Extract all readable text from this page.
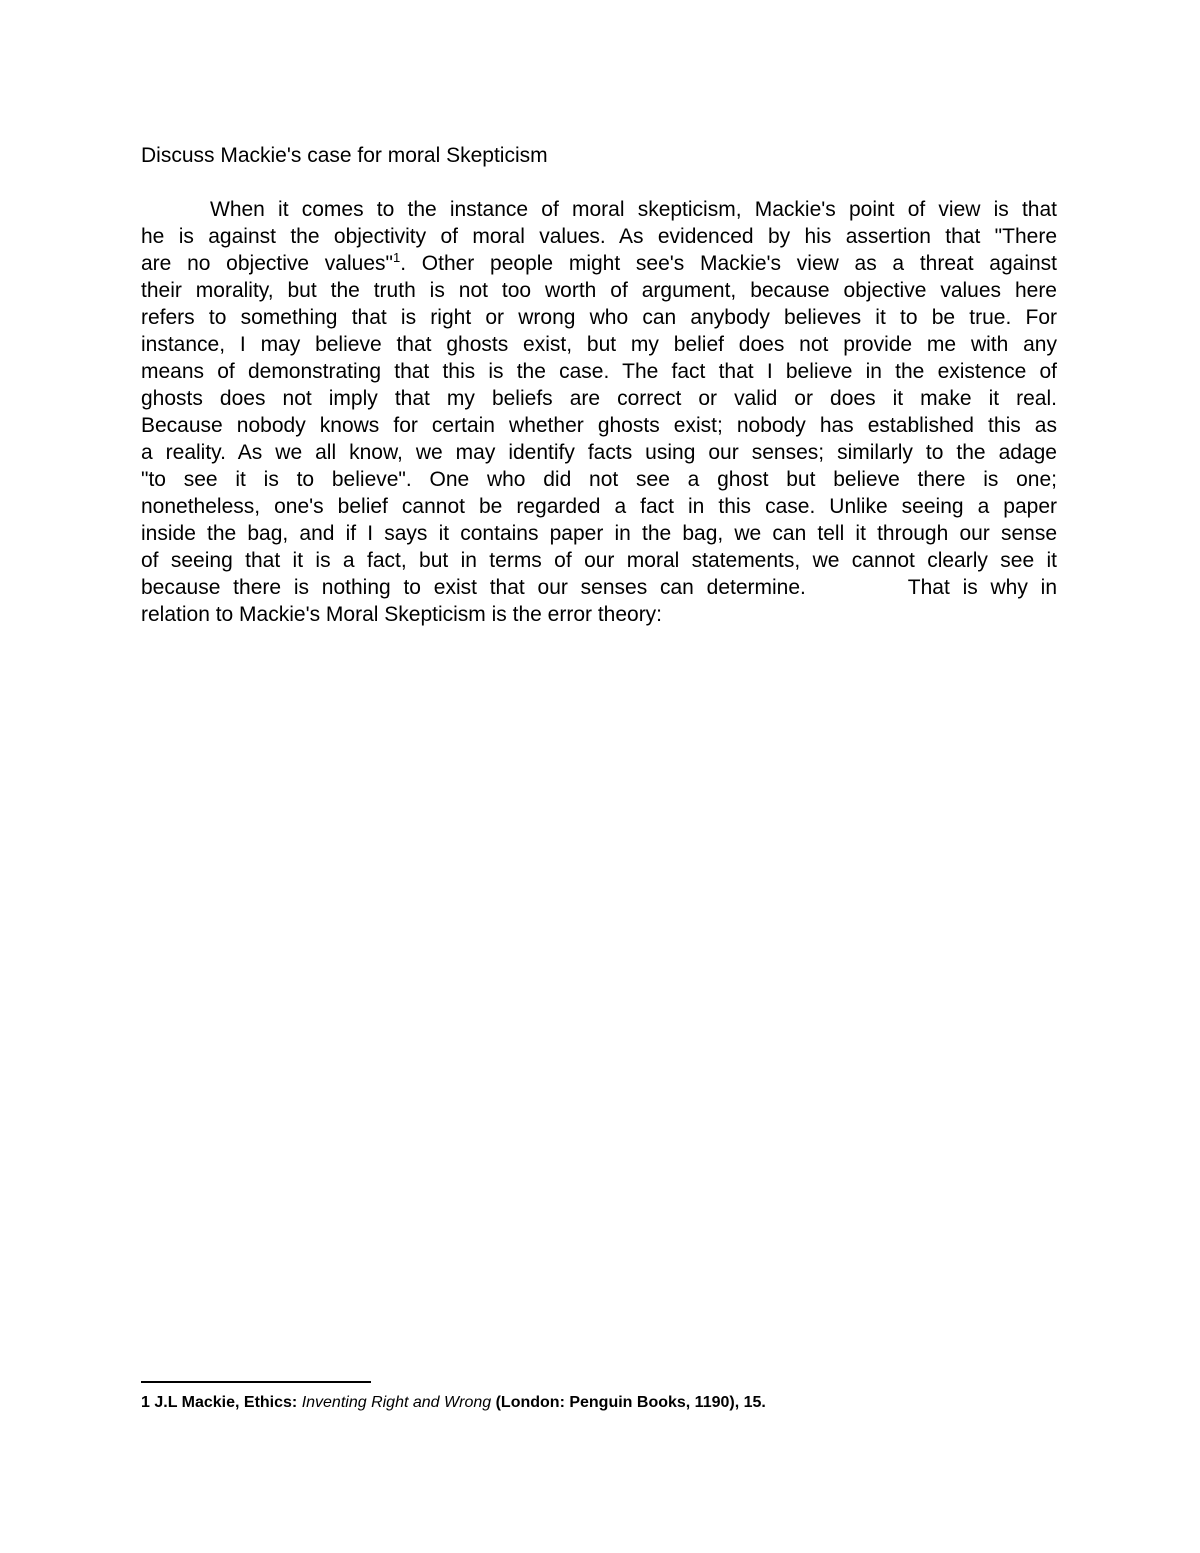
Discuss Mackie's case for moral Skepticism
When it comes to the instance of moral skepticism, Mackie's point of view is that
he is against the objectivity of moral values. As evidenced by his assertion that "There
are no objective values"$^1$. Other people might see's Mackie's view as a threat against
their morality, but the truth is not too worth of argument, because objective values here
refers to something that is right or wrong who can anybody believes it to be true. For
instance, I may believe that ghosts exist, but my belief does not provide me with any
means of demonstrating that this is the case. The fact that I believe in the existence of
ghosts does not imply that my beliefs are correct or valid or does it make it real.
Because nobody knows for certain whether ghosts exist; nobody has established this as
a reality. As we all know, we may identify facts using our senses; similarly to the adage
"to see it is to believe". One who did not see a ghost but believe there is one;
nonetheless, one's belief cannot be regarded a fact in this case. Unlike seeing a paper
inside the bag, and if I says it contains paper in the bag, we can tell it through our sense
of seeing that it is a fact, but in terms of our moral statements, we cannot clearly see it
because there is nothing to exist that our senses can determine.        That is why in
relation to Mackie's Moral Skepticism is the error theory:
1 J.L Mackie, Ethics: Inventing Right and Wrong (London: Penguin Books, 1190), 15.
